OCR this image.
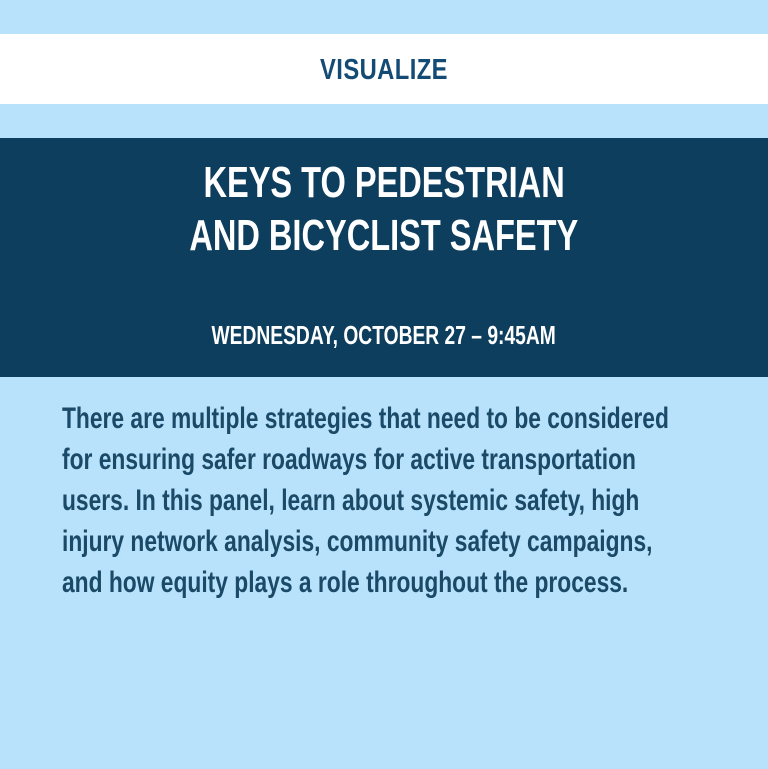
VISUALIZE
KEYS TO PEDESTRIAN
AND BICYCLIST SAFETY
WEDNESDAY, OCTOBER 27 – 9:45AM
There are multiple strategies that need to be considered
for ensuring safer roadways for active transportation
users. In this panel, learn about systemic safety, high
injury network analysis, community safety campaigns,
and how equity plays a role throughout the process.
